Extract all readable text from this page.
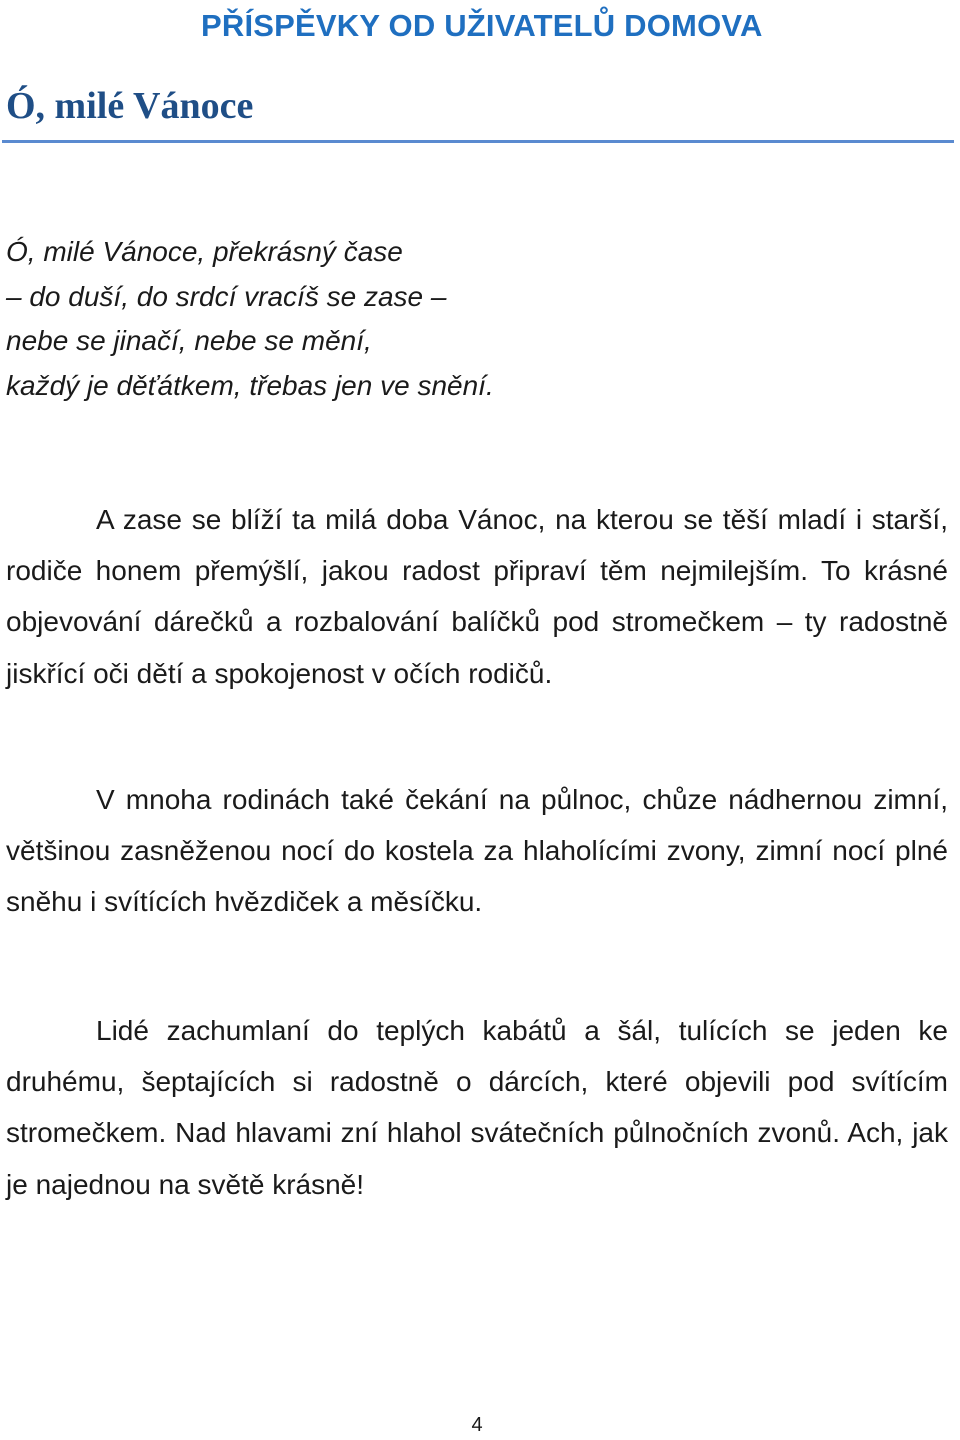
PŘÍSPĚVKY OD UŽIVATELŮ DOMOVA
Ó, milé Vánoce
Ó, milé Vánoce, překrásný čase
– do duší, do srdcí vracíš se zase –
nebe se jinačí, nebe se mění,
každý je děťátkem, třebas jen ve snění.

A zase se blíží ta milá doba Vánoc, na kterou se těší mladí i starší, rodiče honem přemýšlí, jakou radost připraví těm nejmilejším. To krásné objevování dárečků a rozbalování balíčků pod stromečkem – ty radostně jiskřící oči dětí a spokojenost v očích rodičů.

V mnoha rodinách také čekání na půlnoc, chůze nádhernou zimní, většinou zasněženou nocí do kostela za hlaholícími zvony, zimní nocí plné sněhu i svítících hvězdiček a měsíčku.

Lidé zachumlaní do teplých kabátů a šál, tulících se jeden ke druhému, šeptajících si radostně o dárcích, které objevili pod svítícím stromečkem. Nad hlavami zní hlahol svátečních půlnočních zvonů. Ach, jak je najednou na světě krásně!

4
